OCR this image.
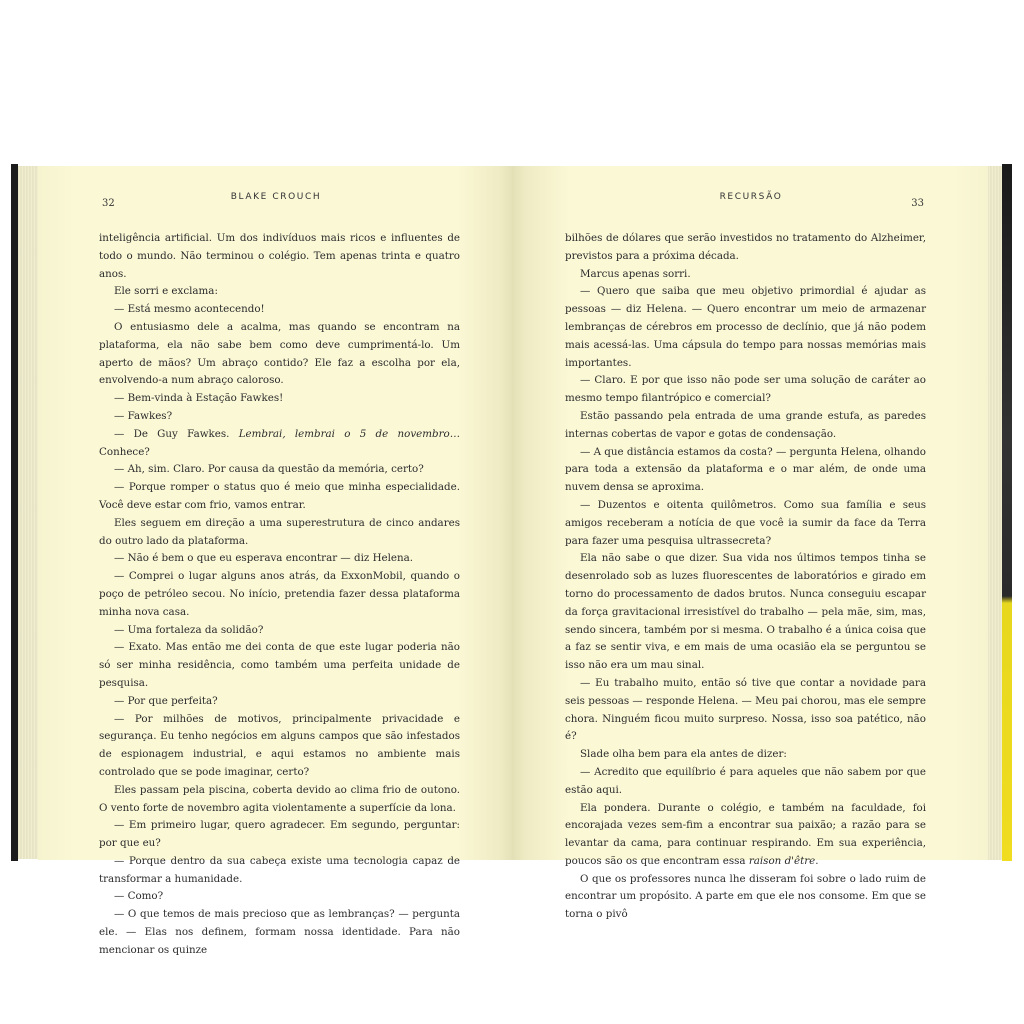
32
BLAKE CROUCH

inteligência artificial. Um dos indivíduos mais ricos e influentes de todo o mundo. Não terminou o colégio. Tem apenas trinta e quatro anos.

Ele sorri e exclama:

— Está mesmo acontecendo!

O entusiasmo dele a acalma, mas quando se encontram na plataforma, ela não sabe bem como deve cumprimentá-lo. Um aperto de mãos? Um abraço contido? Ele faz a escolha por ela, envolvendo-a num abraço caloroso.

— Bem-vinda à Estação Fawkes!

— Fawkes?

— De Guy Fawkes. Lembrai, lembrai o 5 de novembro… Conhece?

— Ah, sim. Claro. Por causa da questão da memória, certo?

— Porque romper o status quo é meio que minha especialidade. Você deve estar com frio, vamos entrar.

Eles seguem em direção a uma superestrutura de cinco andares do outro lado da plataforma.

— Não é bem o que eu esperava encontrar — diz Helena.

— Comprei o lugar alguns anos atrás, da ExxonMobil, quando o poço de petróleo secou. No início, pretendia fazer dessa plataforma minha nova casa.

— Uma fortaleza da solidão?

— Exato. Mas então me dei conta de que este lugar poderia não só ser minha residência, como também uma perfeita unidade de pesquisa.

— Por que perfeita?

— Por milhões de motivos, principalmente privacidade e segurança. Eu tenho negócios em alguns campos que são infestados de espionagem industrial, e aqui estamos no ambiente mais controlado que se pode imaginar, certo?

Eles passam pela piscina, coberta devido ao clima frio de outono. O vento forte de novembro agita violentamente a superfície da lona.

— Em primeiro lugar, quero agradecer. Em segundo, perguntar: por que eu?

— Porque dentro da sua cabeça existe uma tecnologia capaz de transformar a humanidade.

— Como?

— O que temos de mais precioso que as lembranças? — pergunta ele. — Elas nos definem, formam nossa identidade. Para não mencionar os quinze

RECURSÃO
33

bilhões de dólares que serão investidos no tratamento do Alzheimer, previstos para a próxima década.

Marcus apenas sorri.

— Quero que saiba que meu objetivo primordial é ajudar as pessoas — diz Helena. — Quero encontrar um meio de armazenar lembranças de cérebros em processo de declínio, que já não podem mais acessá-las. Uma cápsula do tempo para nossas memórias mais importantes.

— Claro. E por que isso não pode ser uma solução de caráter ao mesmo tempo filantrópico e comercial?

Estão passando pela entrada de uma grande estufa, as paredes internas cobertas de vapor e gotas de condensação.

— A que distância estamos da costa? — pergunta Helena, olhando para toda a extensão da plataforma e o mar além, de onde uma nuvem densa se aproxima.

— Duzentos e oitenta quilômetros. Como sua família e seus amigos receberam a notícia de que você ia sumir da face da Terra para fazer uma pesquisa ultrassecreta?

Ela não sabe o que dizer. Sua vida nos últimos tempos tinha se desenrolado sob as luzes fluorescentes de laboratórios e girado em torno do processamento de dados brutos. Nunca conseguiu escapar da força gravitacional irresistível do trabalho — pela mãe, sim, mas, sendo sincera, também por si mesma. O trabalho é a única coisa que a faz se sentir viva, e em mais de uma ocasião ela se perguntou se isso não era um mau sinal.

— Eu trabalho muito, então só tive que contar a novidade para seis pessoas — responde Helena. — Meu pai chorou, mas ele sempre chora. Ninguém ficou muito surpreso. Nossa, isso soa patético, não é?

Slade olha bem para ela antes de dizer:

— Acredito que equilíbrio é para aqueles que não sabem por que estão aqui.

Ela pondera. Durante o colégio, e também na faculdade, foi encorajada vezes sem-fim a encontrar sua paixão; a razão para se levantar da cama, para continuar respirando. Em sua experiência, poucos são os que encontram essa raison d'être.

O que os professores nunca lhe disseram foi sobre o lado ruim de encontrar um propósito. A parte em que ele nos consome. Em que se torna o pivô
